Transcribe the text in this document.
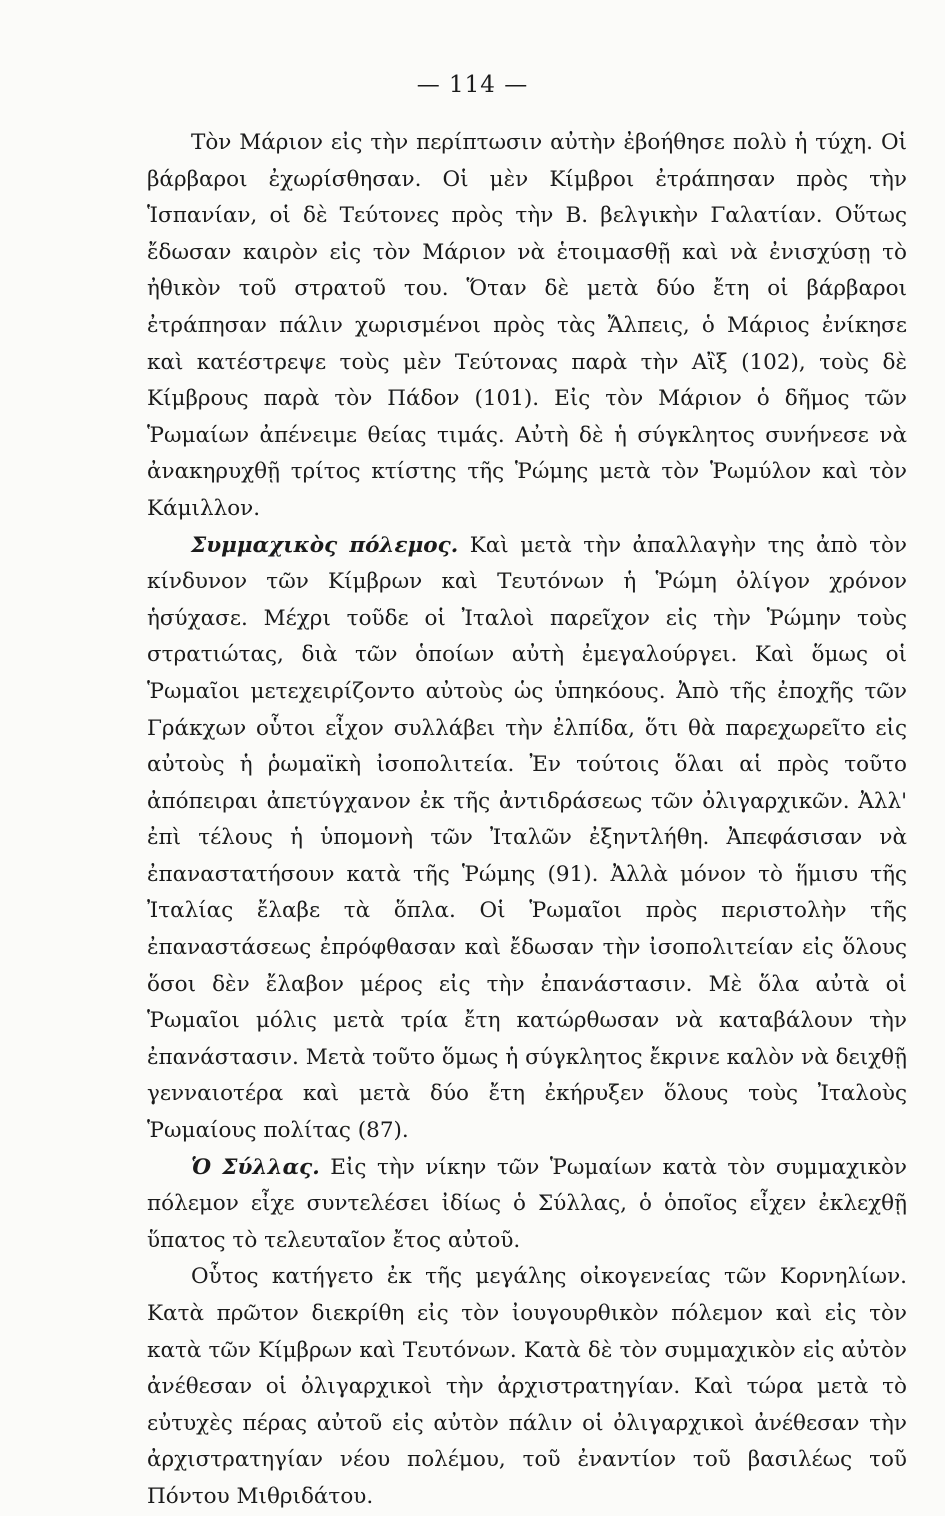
— 114 —

Τὸν Μάριον εἰς τὴν περίπτωσιν αὐτὴν ἐβοήθησε πολὺ ἡ τύχη. Οἱ βάρβαροι ἐχωρίσθησαν. Οἱ μὲν Κίμβροι ἐτράπησαν πρὸς τὴν Ἱσπανίαν, οἱ δὲ Τεύτονες πρὸς τὴν Β. βελγικὴν Γαλατίαν. Οὕτως ἔδωσαν καιρὸν εἰς τὸν Μάριον νὰ ἑτοιμασθῇ καὶ νὰ ἐνισχύσῃ τὸ ἠθικὸν τοῦ στρατοῦ του. Ὅταν δὲ μετὰ δύο ἔτη οἱ βάρβαροι ἐτράπησαν πάλιν χωρισμένοι πρὸς τὰς Ἄλπεις, ὁ Μάριος ἐνίκησε καὶ κατέστρεψε τοὺς μὲν Τεύτονας παρὰ τὴν Αἲξ (102), τοὺς δὲ Κίμβρους παρὰ τὸν Πάδον (101). Εἰς τὸν Μάριον ὁ δῆμος τῶν Ῥωμαίων ἀπένειμε θείας τιμάς. Αὐτὴ δὲ ἡ σύγκλητος συνήνεσε νὰ ἀνακηρυχθῇ τρίτος κτίστης τῆς Ῥώμης μετὰ τὸν Ῥωμύλον καὶ τὸν Κάμιλλον.

Συμμαχικὸς πόλεμος. Καὶ μετὰ τὴν ἀπαλλαγὴν της ἀπὸ τὸν κίνδυνον τῶν Κίμβρων καὶ Τευτόνων ἡ Ῥώμη ὀλίγον χρόνον ἡσύχασε. Μέχρι τοῦδε οἱ Ἰταλοὶ παρεῖχον εἰς τὴν Ῥώμην τοὺς στρατιώτας, διὰ τῶν ὁποίων αὐτὴ ἐμεγαλούργει. Καὶ ὅμως οἱ Ῥωμαῖοι μετεχειρίζοντο αὐτοὺς ὡς ὑπηκόους. Ἀπὸ τῆς ἐποχῆς τῶν Γράκχων οὗτοι εἶχον συλλάβει τὴν ἐλπίδα, ὅτι θὰ παρεχωρεῖτο εἰς αὐτοὺς ἡ ῥωμαϊκὴ ἰσοπολιτεία. Ἐν τούτοις ὅλαι αἱ πρὸς τοῦτο ἀπόπειραι ἀπετύγχανον ἐκ τῆς ἀντιδράσεως τῶν ὀλιγαρχικῶν. Ἀλλ' ἐπὶ τέλους ἡ ὑπομονὴ τῶν Ἰταλῶν ἐξηντλήθη. Ἀπεφάσισαν νὰ ἐπαναστατήσουν κατὰ τῆς Ῥώμης (91). Ἀλλὰ μόνον τὸ ἥμισυ τῆς Ἰταλίας ἔλαβε τὰ ὅπλα. Οἱ Ῥωμαῖοι πρὸς περιστολὴν τῆς ἐπαναστάσεως ἐπρόφθασαν καὶ ἔδωσαν τὴν ἰσοπολιτείαν εἰς ὅλους ὅσοι δὲν ἔλαβον μέρος εἰς τὴν ἐπανάστασιν. Μὲ ὅλα αὐτὰ οἱ Ῥωμαῖοι μόλις μετὰ τρία ἔτη κατώρθωσαν νὰ καταβάλουν τὴν ἐπανάστασιν. Μετὰ τοῦτο ὅμως ἡ σύγκλητος ἔκρινε καλὸν νὰ δειχθῇ γενναιοτέρα καὶ μετὰ δύο ἔτη ἐκήρυξεν ὅλους τοὺς Ἰταλοὺς Ῥωμαίους πολίτας (87).

Ὁ Σύλλας. Εἰς τὴν νίκην τῶν Ῥωμαίων κατὰ τὸν συμμαχικὸν πόλεμον εἶχε συντελέσει ἰδίως ὁ Σύλλας, ὁ ὁποῖος εἶχεν ἐκλεχθῇ ὕπατος τὸ τελευταῖον ἔτος αὐτοῦ.

Οὗτος κατήγετο ἐκ τῆς μεγάλης οἰκογενείας τῶν Κορνηλίων. Κατὰ πρῶτον διεκρίθη εἰς τὸν ἰουγουρθικὸν πόλεμον καὶ εἰς τὸν κατὰ τῶν Κίμβρων καὶ Τευτόνων. Κατὰ δὲ τὸν συμμαχικὸν εἰς αὐτὸν ἀνέθεσαν οἱ ὀλιγαρχικοὶ τὴν ἀρχιστρατηγίαν. Καὶ τώρα μετὰ τὸ εὐτυχὲς πέρας αὐτοῦ εἰς αὐτὸν πάλιν οἱ ὀλιγαρχικοὶ ἀνέθεσαν τὴν ἀρχιστρατηγίαν νέου πολέμου, τοῦ ἐναντίον τοῦ βασιλέως τοῦ Πόντου Μιθριδάτου.
